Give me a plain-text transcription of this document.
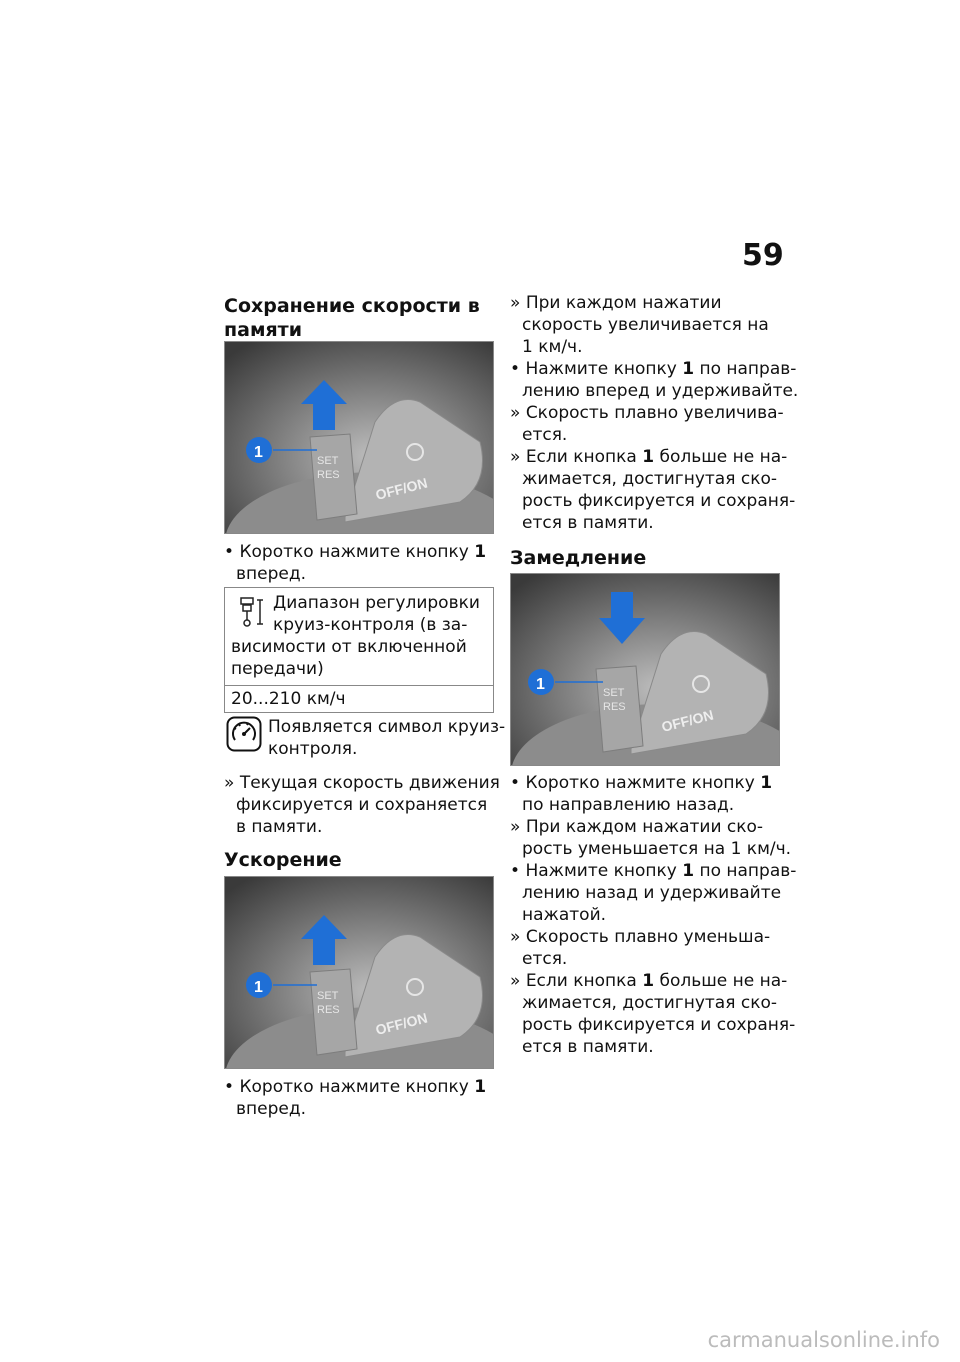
59
Сохранение скорости в
памяти
SET
RES OFF/ON
1
• Коротко нажмите кнопку 1
вперед.
Диапазон регулировки
круиз-контроля (в за-
висимости от включенной
передачи)
20...210 км/ч
Появляется символ круиз-
контроля.
» Текущая скорость движения
фиксируется и сохраняется
в памяти.
Ускорение
SET
RES OFF/ON
1
• Коротко нажмите кнопку 1
вперед.
» При каждом нажатии
скорость увеличивается на
1 км/ч.
• Нажмите кнопку 1 по направ-
лению вперед и удерживайте.
» Скорость плавно увеличива-
ется.
» Если кнопка 1 больше не на-
жимается, достигнутая ско-
рость фиксируется и сохраня-
ется в памяти.
Замедление
SET
RES OFF/ON
1
• Коротко нажмите кнопку 1
по направлению назад.
» При каждом нажатии ско-
рость уменьшается на 1 км/ч.
• Нажмите кнопку 1 по направ-
лению назад и удерживайте
нажатой.
» Скорость плавно уменьша-
ется.
» Если кнопка 1 больше не на-
жимается, достигнутая ско-
рость фиксируется и сохраня-
ется в памяти.
carmanualsonline.info
